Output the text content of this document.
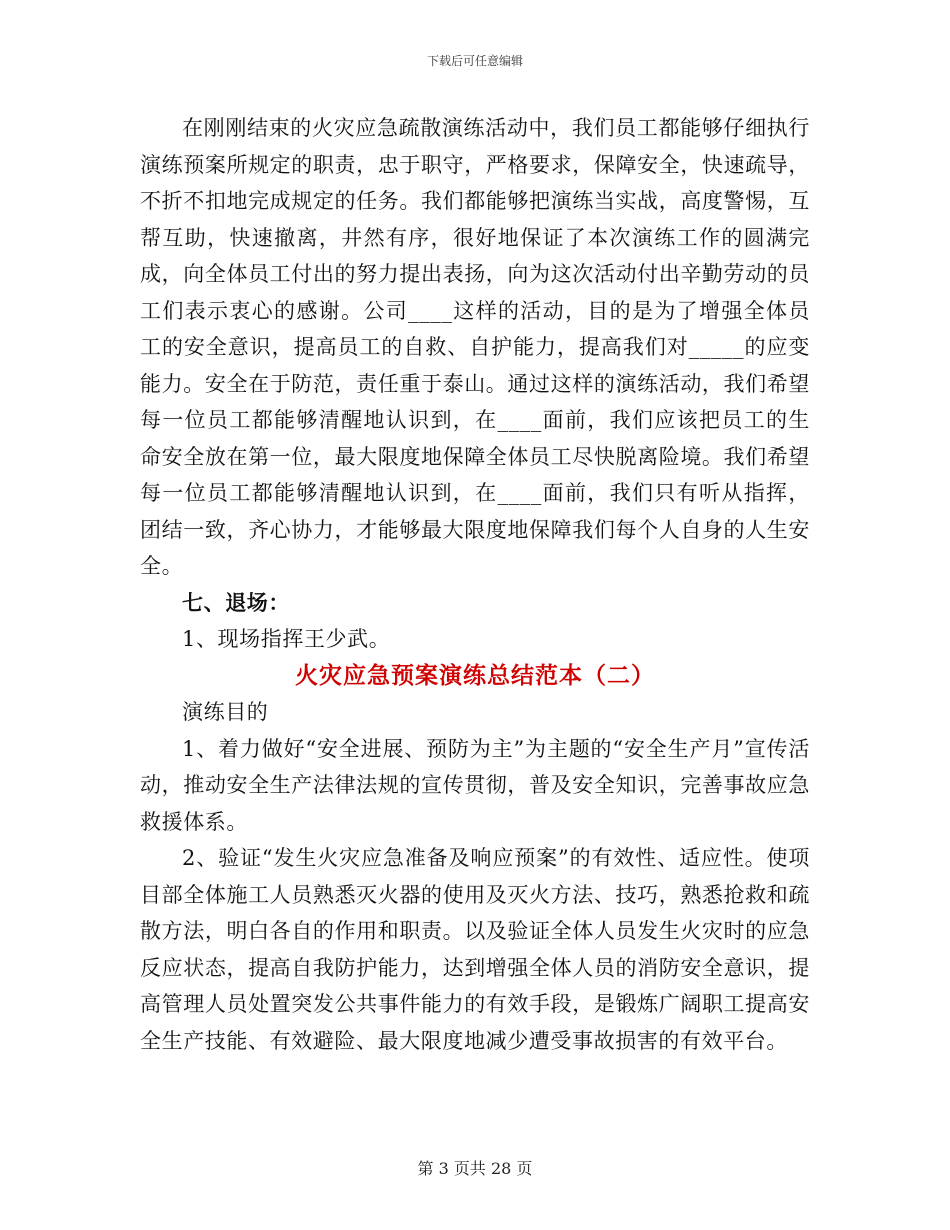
下载后可任意编辑

在刚刚结束的火灾应急疏散演练活动中，我们员工都能够仔细执行演练预案所规定的职责，忠于职守，严格要求，保障安全，快速疏导，不折不扣地完成规定的任务。我们都能够把演练当实战，高度警惕，互帮互助，快速撤离，井然有序，很好地保证了本次演练工作的圆满完成，向全体员工付出的努力提出表扬，向为这次活动付出辛勤劳动的员工们表示衷心的感谢。公司____这样的活动，目的是为了增强全体员工的安全意识，提高员工的自救、自护能力，提高我们对_____的应变能力。安全在于防范，责任重于泰山。通过这样的演练活动，我们希望每一位员工都能够清醒地认识到，在____面前，我们应该把员工的生命安全放在第一位，最大限度地保障全体员工尽快脱离险境。我们希望每一位员工都能够清醒地认识到，在____面前，我们只有听从指挥，团结一致，齐心协力，才能够最大限度地保障我们每个人自身的人生安全。

七、退场：

1、现场指挥王少武。

火灾应急预案演练总结范本（二）

演练目的

1、着力做好“安全进展、预防为主”为主题的“安全生产月”宣传活动，推动安全生产法律法规的宣传贯彻，普及安全知识，完善事故应急救援体系。

2、验证“发生火灾应急准备及响应预案”的有效性、适应性。使项目部全体施工人员熟悉灭火器的使用及灭火方法、技巧，熟悉抢救和疏散方法，明白各自的作用和职责。以及验证全体人员发生火灾时的应急反应状态，提高自我防护能力，达到增强全体人员的消防安全意识，提高管理人员处置突发公共事件能力的有效手段，是锻炼广阔职工提高安全生产技能、有效避险、最大限度地减少遭受事故损害的有效平台。

第 3 页共 28 页
